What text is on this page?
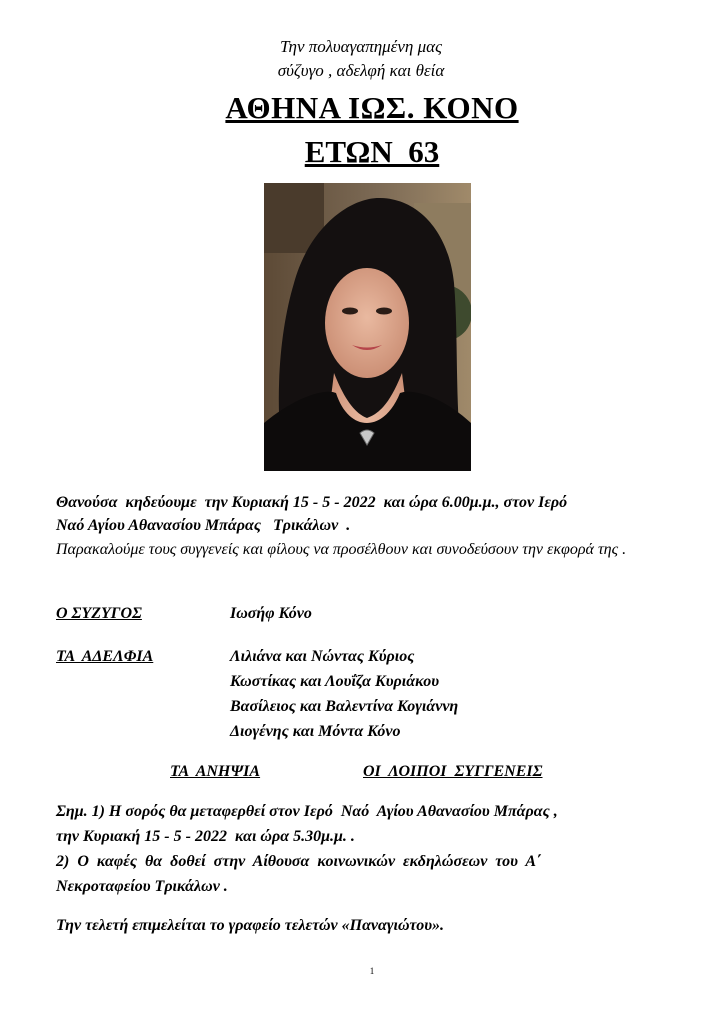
Την πολυαγαπημένη μας
σύζυγο , αδελφή και θεία
ΑΘΗΝΑ ΙΩΣ. ΚΟΝΟ
ΕΤΩΝ  63
Θανούσα  κηδεύουμε  την Κυριακή 15 - 5 - 2022  και ώρα 6.00μ.μ., στον Ιερό
Ναό Αγίου Αθανασίου Μπάρας   Τρικάλων  .
Παρακαλούμε τους συγγενείς και φίλους να προσέλθουν και συνοδεύσουν την εκφορά της .
Ο ΣΥΖΥΓΟΣ	Ιωσήφ Κόνο
ΤΑ  ΑΔΕΛΦΙΑ	Λιλιάνα και Νώντας Κύριος
Κωστίκας και Λουΐζα Κυριάκου
Βασίλειος και Βαλεντίνα Κογιάννη
Διογένης και Μόντα Κόνο
ΤΑ  ΑΝΗΨΙΑ	ΟΙ  ΛΟΙΠΟΙ  ΣΥΓΓΕΝΕΙΣ
Σημ. 1) Η σορός θα μεταφερθεί στον Ιερό  Ναό  Αγίου Αθανασίου Μπάρας ,
την Κυριακή 15 - 5 - 2022  και ώρα 5.30μ.μ. .
2)  Ο  καφές  θα  δοθεί  στην  Αίθουσα  κοινωνικών  εκδηλώσεων  του  Α΄
Νεκροταφείου Τρικάλων .
Την τελετή επιμελείται το γραφείο τελετών «Παναγιώτου».
1
